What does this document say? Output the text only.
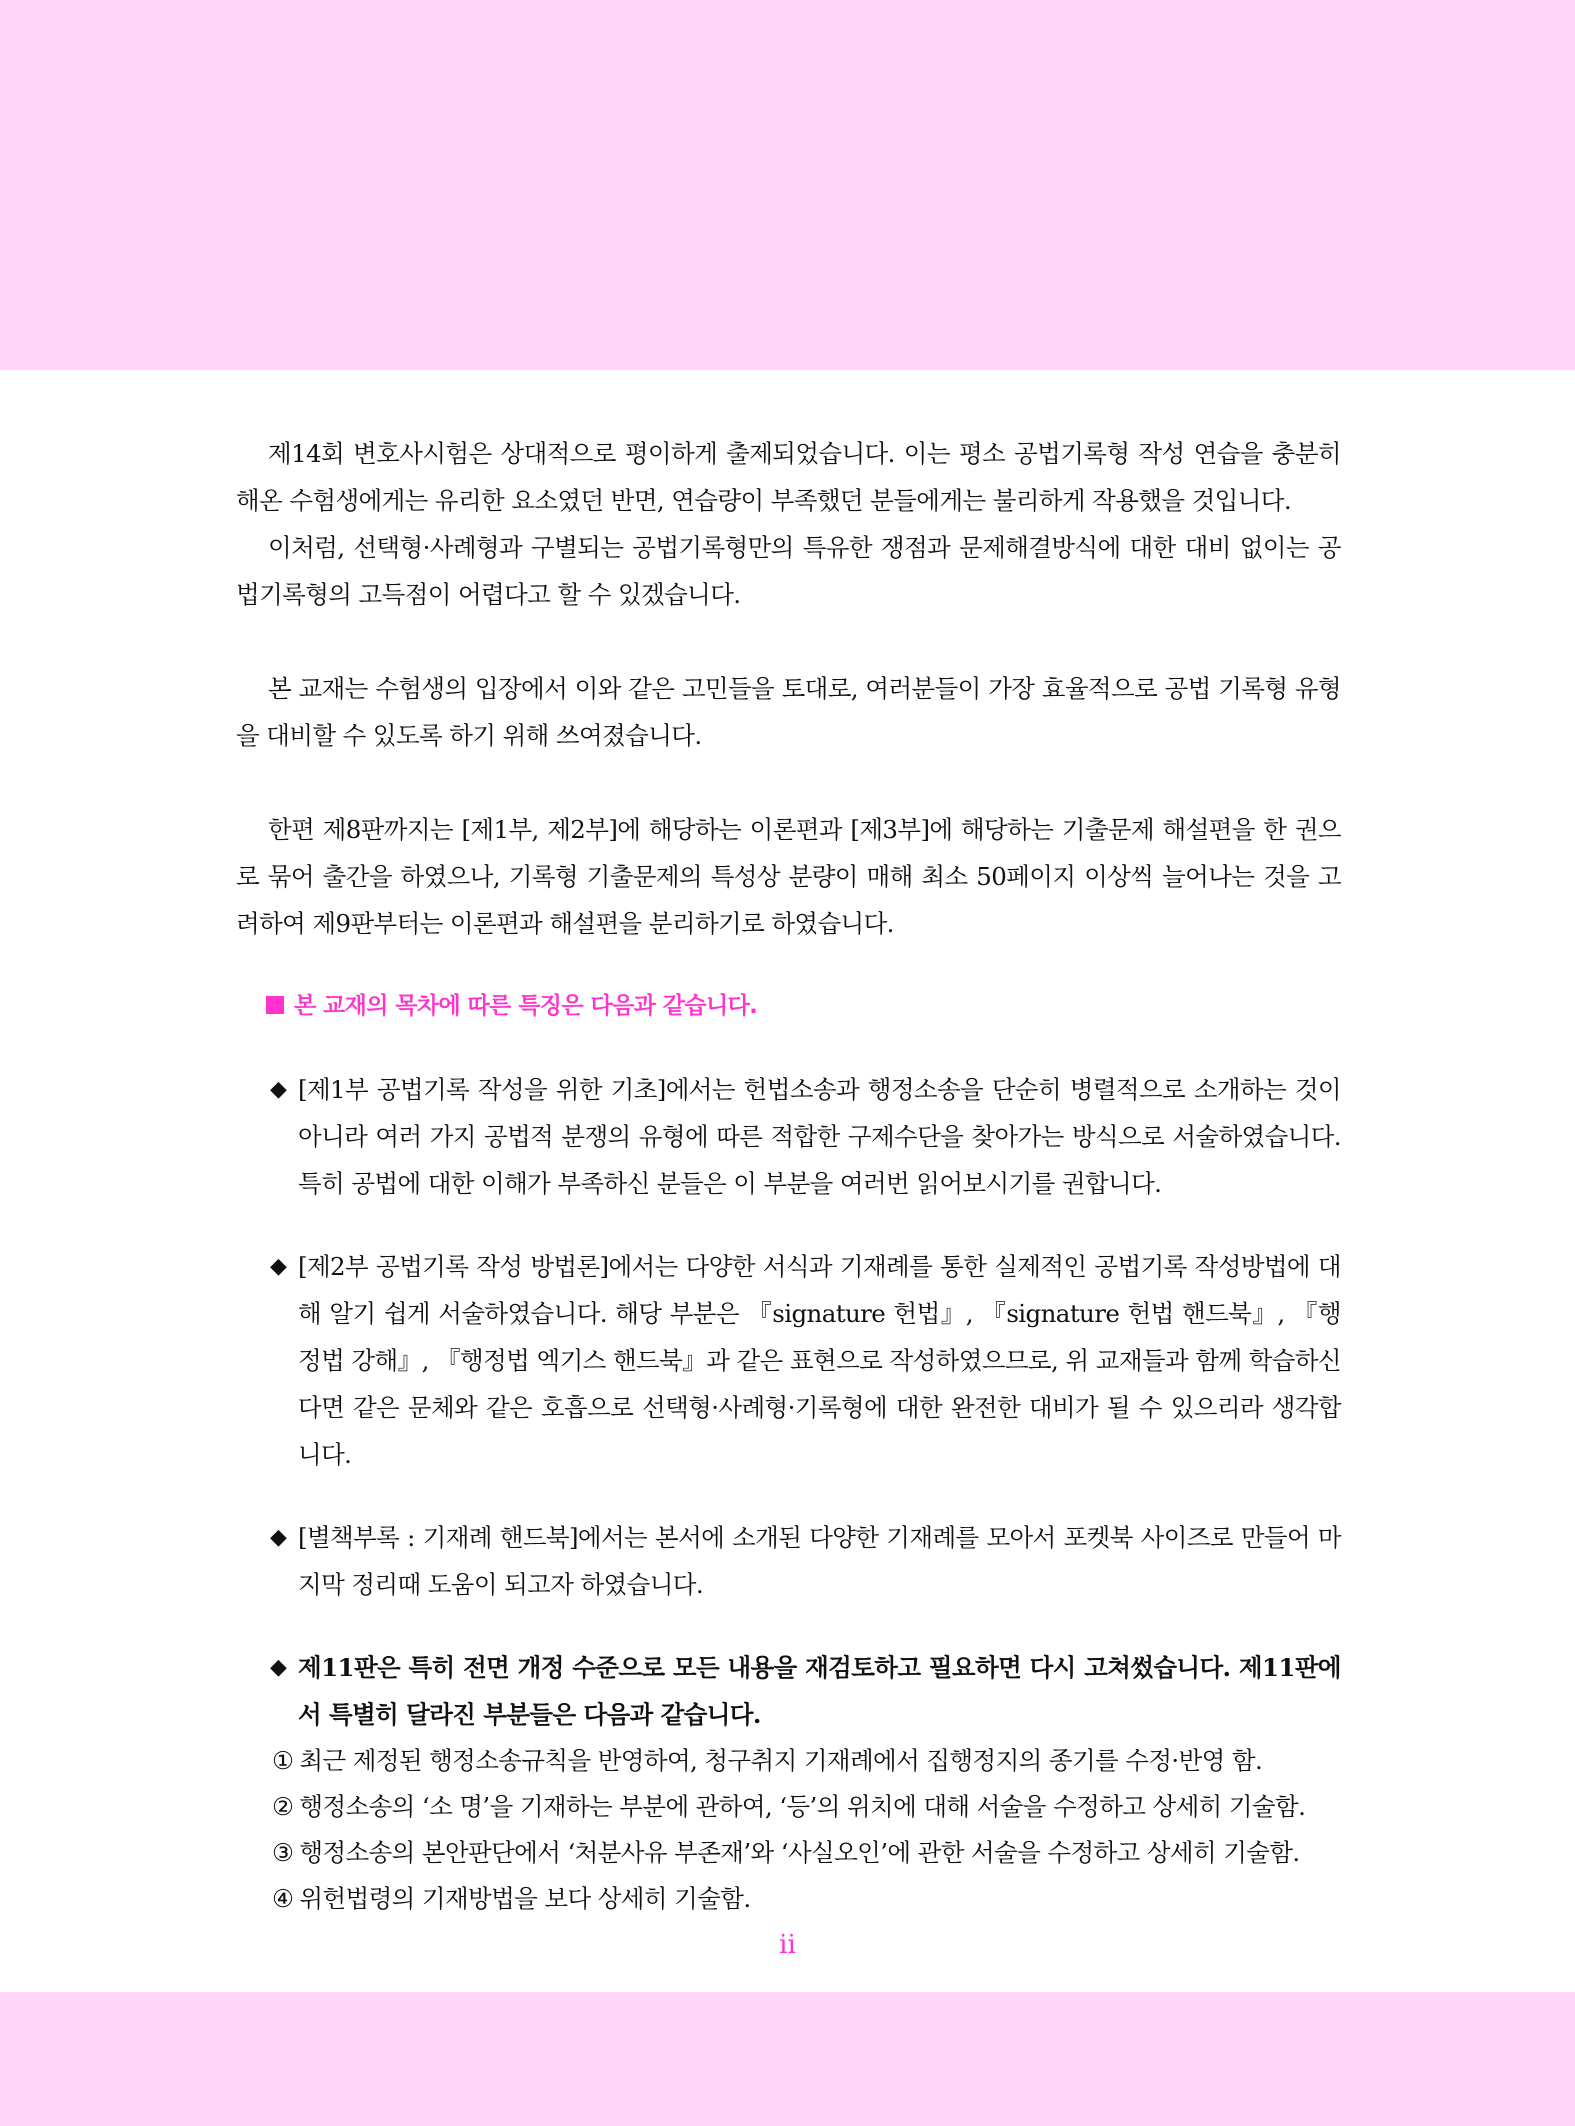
제14회 변호사시험은 상대적으로 평이하게 출제되었습니다. 이는 평소 공법기록형 작성 연습을 충분히 해온 수험생에게는 유리한 요소였던 반면, 연습량이 부족했던 분들에게는 불리하게 작용했을 것입니다.

이처럼, 선택형·사례형과 구별되는 공법기록형만의 특유한 쟁점과 문제해결방식에 대한 대비 없이는 공법기록형의 고득점이 어렵다고 할 수 있겠습니다.

본 교재는 수험생의 입장에서 이와 같은 고민들을 토대로, 여러분들이 가장 효율적으로 공법 기록형 유형을 대비할 수 있도록 하기 위해 쓰여졌습니다.

한편 제8판까지는 [제1부, 제2부]에 해당하는 이론편과 [제3부]에 해당하는 기출문제 해설편을 한 권으로 묶어 출간을 하였으나, 기록형 기출문제의 특성상 분량이 매해 최소 50페이지 이상씩 늘어나는 것을 고려하여 제9판부터는 이론편과 해설편을 분리하기로 하였습니다.

본 교재의 목차에 따른 특징은 다음과 같습니다.

◆ [제1부 공법기록 작성을 위한 기초]에서는 헌법소송과 행정소송을 단순히 병렬적으로 소개하는 것이 아니라 여러 가지 공법적 분쟁의 유형에 따른 적합한 구제수단을 찾아가는 방식으로 서술하였습니다. 특히 공법에 대한 이해가 부족하신 분들은 이 부분을 여러번 읽어보시기를 권합니다.

◆ [제2부 공법기록 작성 방법론]에서는 다양한 서식과 기재례를 통한 실제적인 공법기록 작성방법에 대해 알기 쉽게 서술하였습니다. 해당 부분은 『signature 헌법』, 『signature 헌법 핸드북』, 『행정법 강해』, 『행정법 엑기스 핸드북』과 같은 표현으로 작성하였으므로, 위 교재들과 함께 학습하신다면 같은 문체와 같은 호흡으로 선택형·사례형·기록형에 대한 완전한 대비가 될 수 있으리라 생각합니다.

◆ [별책부록 : 기재례 핸드북]에서는 본서에 소개된 다양한 기재례를 모아서 포켓북 사이즈로 만들어 마지막 정리때 도움이 되고자 하였습니다.

◆ 제11판은 특히 전면 개정 수준으로 모든 내용을 재검토하고 필요하면 다시 고쳐썼습니다. 제11판에서 특별히 달라진 부분들은 다음과 같습니다.

① 최근 제정된 행정소송규칙을 반영하여, 청구취지 기재례에서 집행정지의 종기를 수정·반영 함.

② 행정소송의 ‘소 명’을 기재하는 부분에 관하여, ‘등’의 위치에 대해 서술을 수정하고 상세히 기술함.

③ 행정소송의 본안판단에서 ‘처분사유 부존재’와 ‘사실오인’에 관한 서술을 수정하고 상세히 기술함.

④ 위헌법령의 기재방법을 보다 상세히 기술함.

ii
